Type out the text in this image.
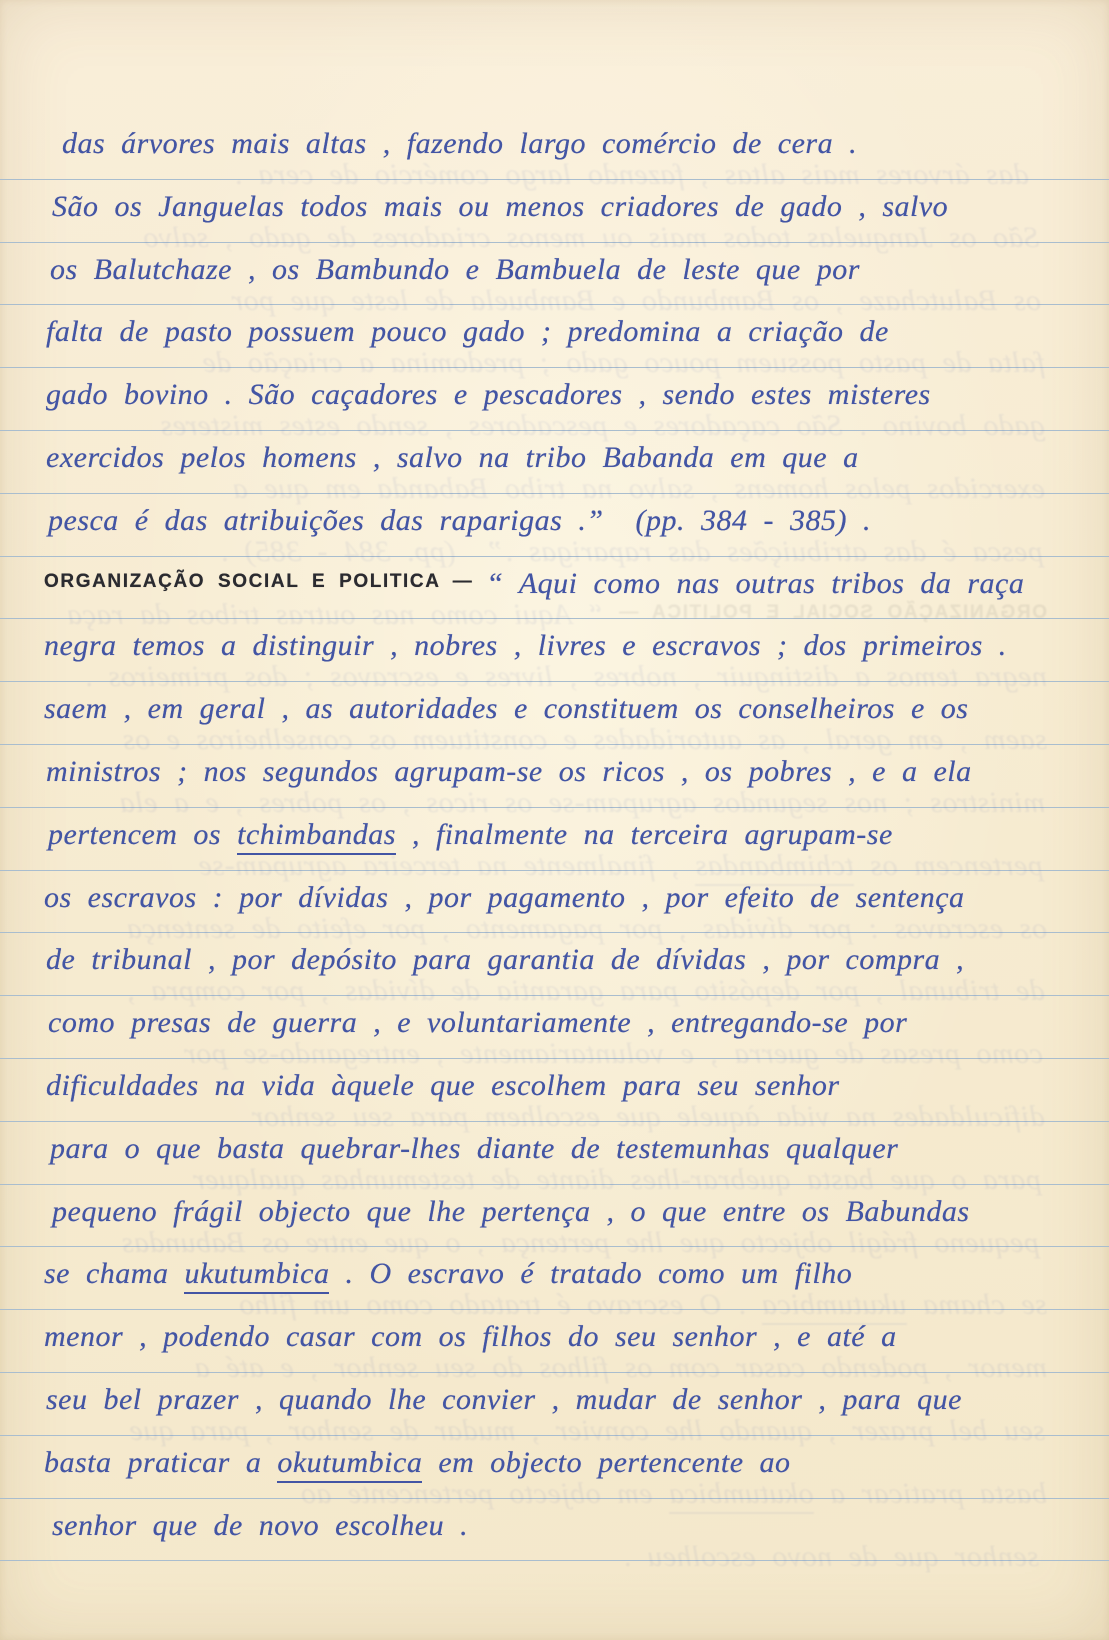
das árvores mais altas , fazendo largo comércio de cera .
São os Janguelas todos mais ou menos criadores de gado , salvo
os Balutchaze , os Bambundo e Bambuela de leste que por
falta de pasto possuem pouco gado ; predomina a criação de
gado bovino . São caçadores e pescadores , sendo estes misteres
exercidos pelos homens , salvo na tribo Babanda em que a
pesca é das atribuições das raparigas .”  (pp. 384 - 385) .
ORGANIZAÇÃO SOCIAL E POLITICA — “ Aqui como nas outras tribos da raça
negra temos a distinguir , nobres , livres e escravos ; dos primeiros .
saem , em geral , as autoridades e constituem os conselheiros e os
ministros ; nos segundos agrupam-se os ricos , os pobres , e a ela
pertencem os tchimbandas , finalmente na terceira agrupam-se
os escravos : por dívidas , por pagamento , por efeito de sentença
de tribunal , por depósito para garantia de dívidas , por compra ,
como presas de guerra , e voluntariamente , entregando-se por
dificuldades na vida àquele que escolhem para seu senhor
para o que basta quebrar-lhes diante de testemunhas qualquer
pequeno frágil objecto que lhe pertença , o que entre os Babundas
se chama ukutumbica . O escravo é tratado como um filho
menor , podendo casar com os filhos do seu senhor , e até a
seu bel prazer , quando lhe convier , mudar de senhor , para que
basta praticar a okutumbica em objecto pertencente ao
senhor que de novo escolheu .
das árvores mais altas , fazendo largo comércio de cera .
São os Janguelas todos mais ou menos criadores de gado , salvo
os Balutchaze , os Bambundo e Bambuela de leste que por
falta de pasto possuem pouco gado ; predomina a criação de
gado bovino . São caçadores e pescadores , sendo estes misteres
exercidos pelos homens , salvo na tribo Babanda em que a
pesca é das atribuições das raparigas .”  (pp. 384 - 385) .
ORGANIZAÇÃO SOCIAL E POLITICA — “ Aqui como nas outras tribos da raça
negra temos a distinguir , nobres , livres e escravos ; dos primeiros .
saem , em geral , as autoridades e constituem os conselheiros e os
ministros ; nos segundos agrupam-se os ricos , os pobres , e a ela
pertencem os tchimbandas , finalmente na terceira agrupam-se
os escravos : por dívidas , por pagamento , por efeito de sentença
de tribunal , por depósito para garantia de dívidas , por compra ,
como presas de guerra , e voluntariamente , entregando-se por
dificuldades na vida àquele que escolhem para seu senhor
para o que basta quebrar-lhes diante de testemunhas qualquer
pequeno frágil objecto que lhe pertença , o que entre os Babundas
se chama ukutumbica . O escravo é tratado como um filho
menor , podendo casar com os filhos do seu senhor , e até a
seu bel prazer , quando lhe convier , mudar de senhor , para que
basta praticar a okutumbica em objecto pertencente ao
senhor que de novo escolheu .
